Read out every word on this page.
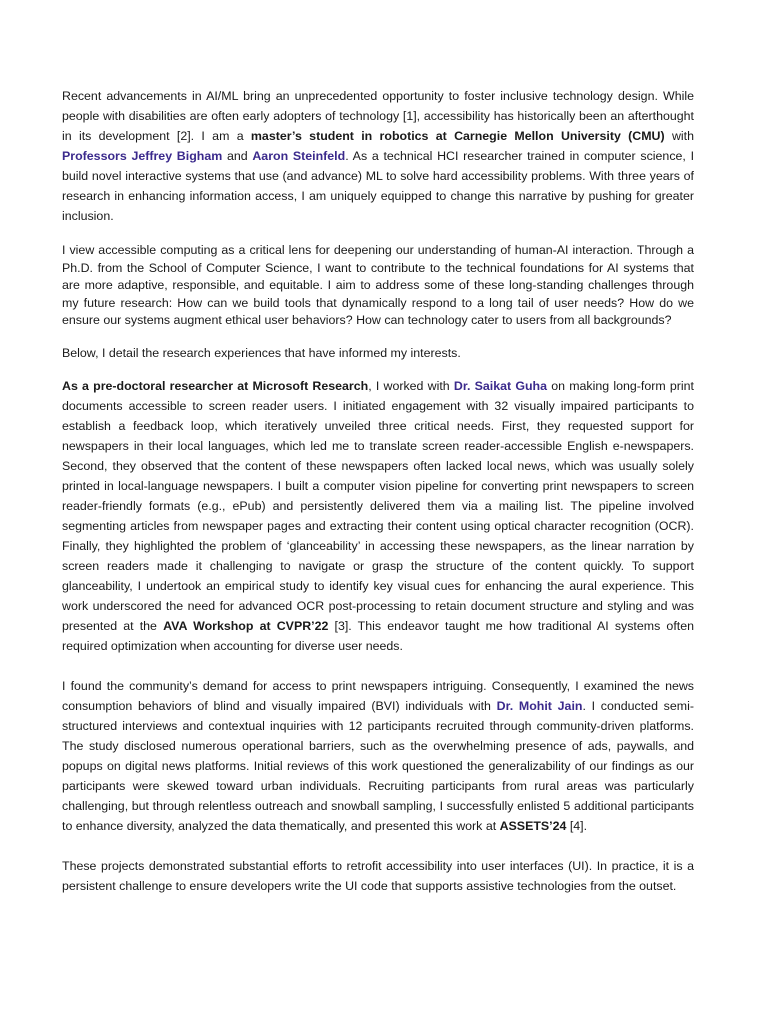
Recent advancements in AI/ML bring an unprecedented opportunity to foster inclusive technology design. While people with disabilities are often early adopters of technology [1], accessibility has historically been an afterthought in its development [2]. I am a master’s student in robotics at Carnegie Mellon University (CMU) with Professors Jeffrey Bigham and Aaron Steinfeld. As a technical HCI researcher trained in computer science, I build novel interactive systems that use (and advance) ML to solve hard accessibility problems. With three years of research in enhancing information access, I am uniquely equipped to change this narrative by pushing for greater inclusion.

I view accessible computing as a critical lens for deepening our understanding of human-AI interaction. Through a Ph.D. from the School of Computer Science, I want to contribute to the technical foundations for AI systems that are more adaptive, responsible, and equitable. I aim to address some of these long-standing challenges through my future research: How can we build tools that dynamically respond to a long tail of user needs? How do we ensure our systems augment ethical user behaviors? How can technology cater to users from all backgrounds?

Below, I detail the research experiences that have informed my interests.

As a pre-doctoral researcher at Microsoft Research, I worked with Dr. Saikat Guha on making long-form print documents accessible to screen reader users. I initiated engagement with 32 visually impaired participants to establish a feedback loop, which iteratively unveiled three critical needs. First, they requested support for newspapers in their local languages, which led me to translate screen reader-accessible English e-newspapers. Second, they observed that the content of these newspapers often lacked local news, which was usually solely printed in local-language newspapers. I built a computer vision pipeline for converting print newspapers to screen reader-friendly formats (e.g., ePub) and persistently delivered them via a mailing list. The pipeline involved segmenting articles from newspaper pages and extracting their content using optical character recognition (OCR). Finally, they highlighted the problem of ‘glanceability’ in accessing these newspapers, as the linear narration by screen readers made it challenging to navigate or grasp the structure of the content quickly. To support glanceability, I undertook an empirical study to identify key visual cues for enhancing the aural experience. This work underscored the need for advanced OCR post-processing to retain document structure and styling and was presented at the AVA Workshop at CVPR’22 [3]. This endeavor taught me how traditional AI systems often required optimization when accounting for diverse user needs.

I found the community’s demand for access to print newspapers intriguing. Consequently, I examined the news consumption behaviors of blind and visually impaired (BVI) individuals with Dr. Mohit Jain. I conducted semi-structured interviews and contextual inquiries with 12 participants recruited through community-driven platforms. The study disclosed numerous operational barriers, such as the overwhelming presence of ads, paywalls, and popups on digital news platforms. Initial reviews of this work questioned the generalizability of our findings as our participants were skewed toward urban individuals. Recruiting participants from rural areas was particularly challenging, but through relentless outreach and snowball sampling, I successfully enlisted 5 additional participants to enhance diversity, analyzed the data thematically, and presented this work at ASSETS’24 [4].

These projects demonstrated substantial efforts to retrofit accessibility into user interfaces (UI). In practice, it is a persistent challenge to ensure developers write the UI code that supports assistive technologies from the outset.
